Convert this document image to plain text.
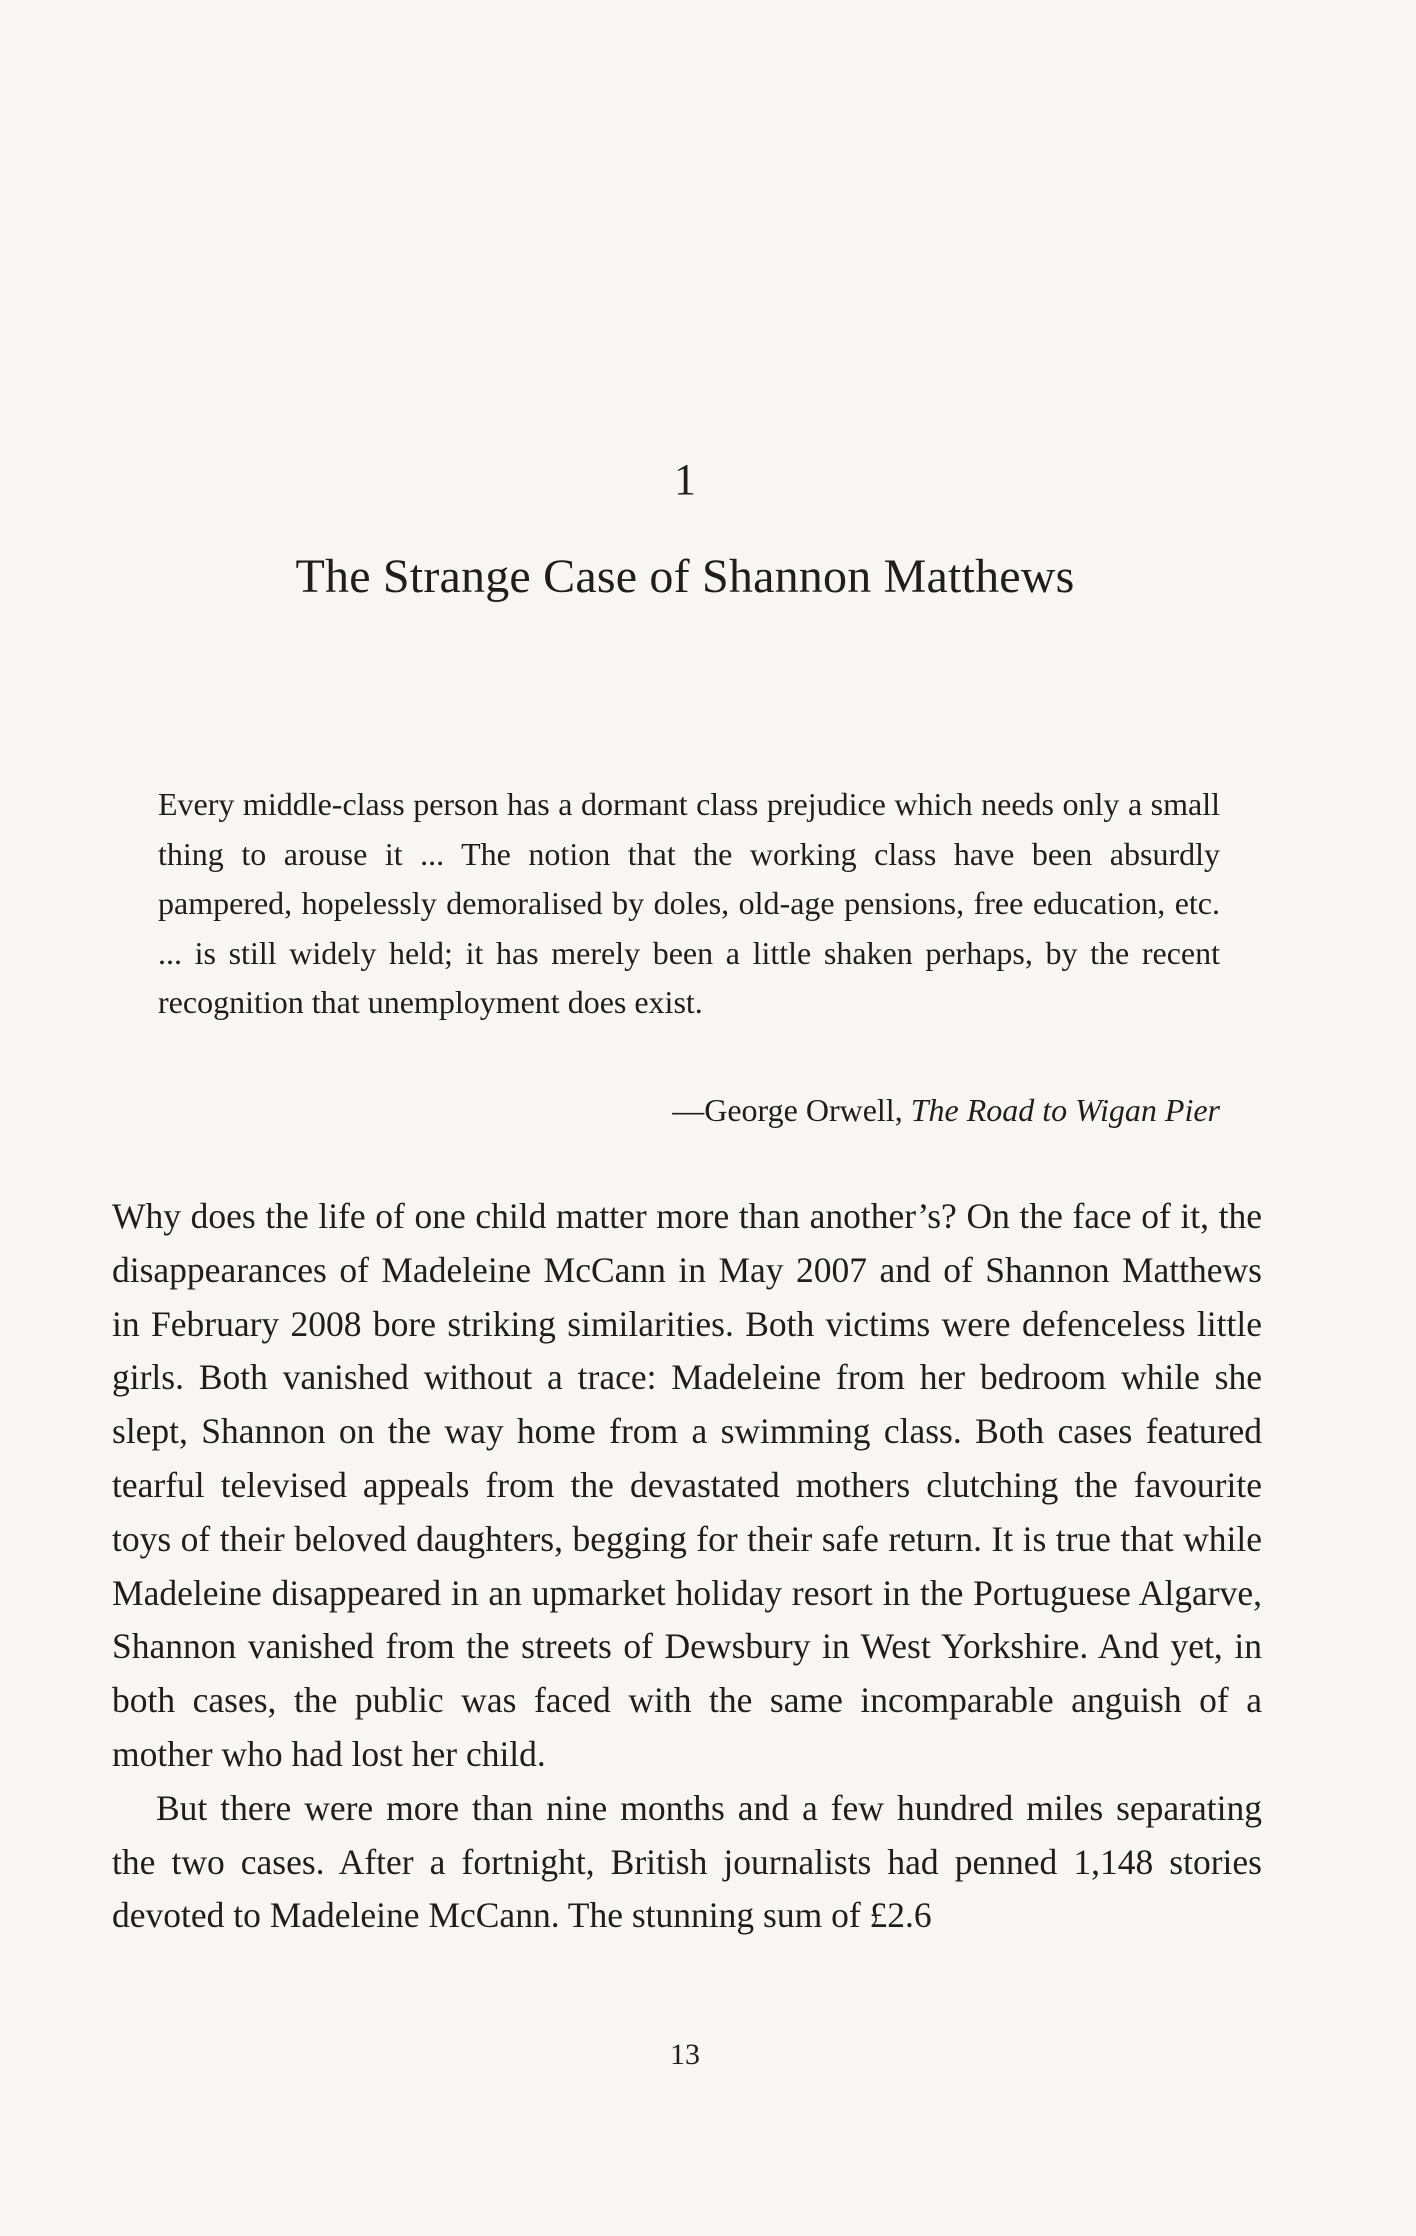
1
The Strange Case of Shannon Matthews
Every middle-class person has a dormant class prejudice which needs only a small thing to arouse it ... The notion that the working class have been absurdly pampered, hopelessly demoralised by doles, old-age pensions, free education, etc. ... is still widely held; it has merely been a little shaken perhaps, by the recent recognition that unemployment does exist.
—George Orwell, The Road to Wigan Pier

Why does the life of one child matter more than another’s? On the face of it, the disappearances of Madeleine McCann in May 2007 and of Shannon Matthews in February 2008 bore striking similarities. Both victims were defenceless little girls. Both vanished without a trace: Madeleine from her bedroom while she slept, Shannon on the way home from a swimming class. Both cases featured tearful televised appeals from the devastated mothers clutching the favourite toys of their beloved daughters, begging for their safe return. It is true that while Madeleine disappeared in an upmarket holiday resort in the Portuguese Algarve, Shannon vanished from the streets of Dewsbury in West Yorkshire. And yet, in both cases, the public was faced with the same incomparable anguish of a mother who had lost her child.

But there were more than nine months and a few hundred miles separating the two cases. After a fortnight, British journalists had penned 1,148 stories devoted to Madeleine McCann. The stunning sum of £2.6

13
